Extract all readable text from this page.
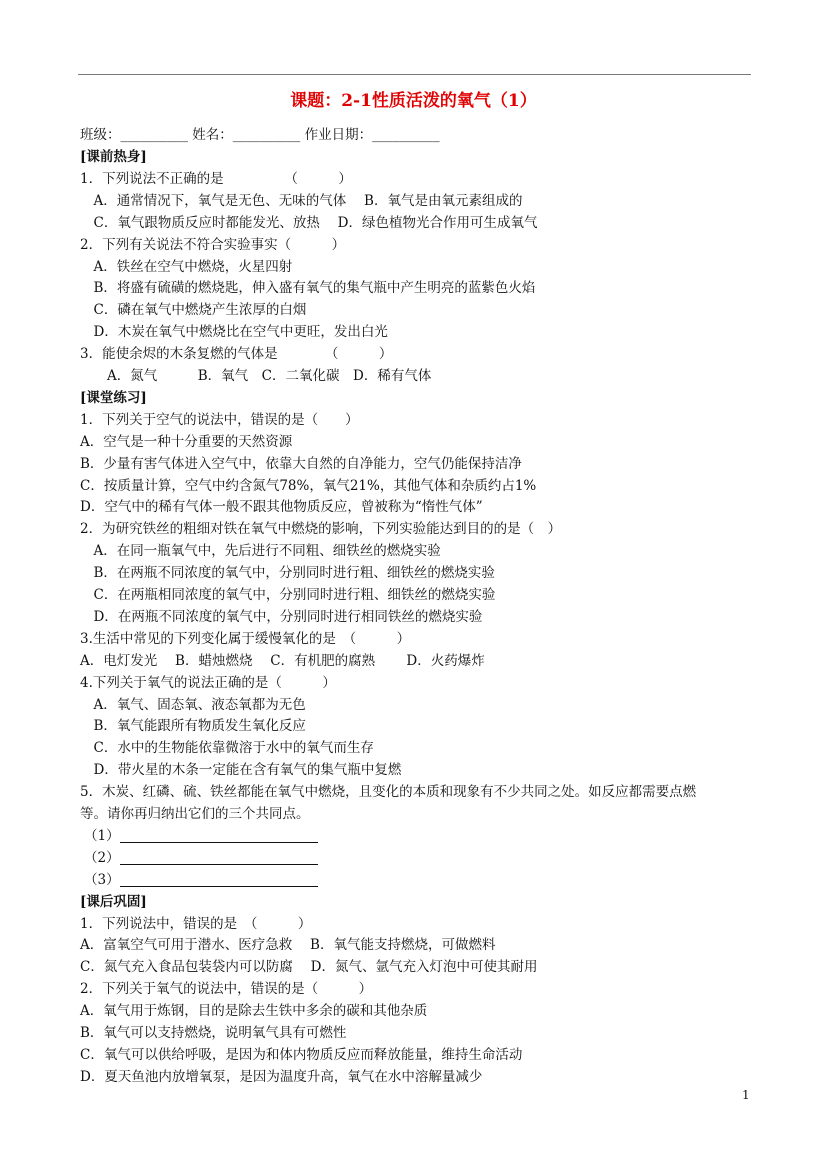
课题：2-1性质活泼的氧气（1）
班级：__________ 姓名：__________ 作业日期：__________
[课前热身]
1．下列说法不正确的是　　　　　（　　　）
　A．通常情况下，氧气是无色、无味的气体　 B．氧气是由氧元素组成的
　C．氧气跟物质反应时都能发光、放热　 D．绿色植物光合作用可生成氧气
2．下列有关说法不符合实验事实（　　　）
　A．铁丝在空气中燃烧，火星四射
　B．将盛有硫磺的燃烧匙，伸入盛有氧气的集气瓶中产生明亮的蓝紫色火焰
　C．磷在氧气中燃烧产生浓厚的白烟
　D．木炭在氧气中燃烧比在空气中更旺，发出白光
3．能使余烬的木条复燃的气体是　　　　（　　　）
　　A．氮气　　　B．氧气　C．二氧化碳　D．稀有气体
[课堂练习]
1．下列关于空气的说法中，错误的是（　　）
A．空气是一种十分重要的天然资源
B．少量有害气体进入空气中，依靠大自然的自净能力，空气仍能保持洁净
C．按质量计算，空气中约含氮气78%，氧气21%，其他气体和杂质约占1%
D．空气中的稀有气体一般不跟其他物质反应，曾被称为“惰性气体”
2．为研究铁丝的粗细对铁在氧气中燃烧的影响，下列实验能达到目的的是（　）
　A．在同一瓶氧气中，先后进行不同粗、细铁丝的燃烧实验
　B．在两瓶不同浓度的氧气中，分别同时进行粗、细铁丝的燃烧实验
　C．在两瓶相同浓度的氧气中，分别同时进行粗、细铁丝的燃烧实验
　D．在两瓶不同浓度的氧气中，分别同时进行相同铁丝的燃烧实验
3.生活中常见的下列变化属于缓慢氧化的是　（　　　）
A．电灯发光　 B．蜡烛燃烧　 C．有机肥的腐熟　　 D．火药爆炸
4.下列关于氧气的说法正确的是（　　　）
　A．氧气、固态氧、液态氧都为无色
　B．氧气能跟所有物质发生氧化反应
　C．水中的生物能依靠微溶于水中的氧气而生存
　D．带火星的木条一定能在含有氧气的集气瓶中复燃
5．木炭、红磷、硫、铁丝都能在氧气中燃烧，且变化的本质和现象有不少共同之处。如反应都需要点燃
等。请你再归纳出它们的三个共同点。
（1）
（2）
（3）
[课后巩固]
1．下列说法中，错误的是　（　　　）
A．富氧空气可用于潜水、医疗急救　 B．氧气能支持燃烧，可做燃料
C．氮气充入食品包装袋内可以防腐　 D．氮气、氩气充入灯泡中可使其耐用
2．下列关于氧气的说法中，错误的是（　　　）
A．氧气用于炼钢，目的是除去生铁中多余的碳和其他杂质
B．氧气可以支持燃烧，说明氧气具有可燃性
C．氧气可以供给呼吸，是因为和体内物质反应而释放能量，维持生命活动
D．夏天鱼池内放增氧泵，是因为温度升高，氧气在水中溶解量减少
1
